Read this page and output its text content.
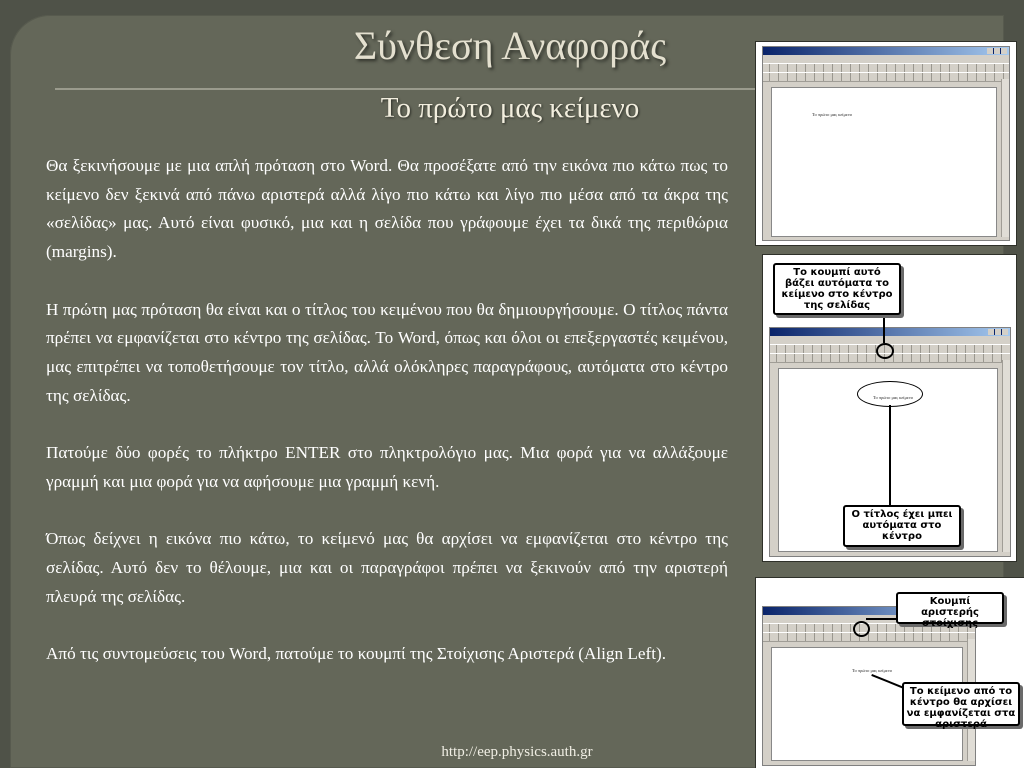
Σύνθεση Αναφοράς
Το πρώτο μας κείμενο

Θα ξεκινήσουμε με μια απλή πρόταση στο Word. Θα προσέξατε από την εικόνα πιο κάτω πως το κείμενο δεν ξεκινά από πάνω αριστερά αλλά λίγο πιο κάτω και λίγο πιο μέσα από τα άκρα της «σελίδας» μας. Αυτό είναι φυσικό, μια και η σελίδα που γράφουμε έχει τα δικά της περιθώρια (margins).

Η πρώτη μας πρόταση θα είναι και ο τίτλος του κειμένου που θα δημιουργήσουμε. Ο τίτλος πάντα πρέπει να εμφανίζεται στο κέντρο της σελίδας. Το Word, όπως και όλοι οι επεξεργαστές κειμένου, μας επιτρέπει να τοποθετήσουμε τον τίτλο, αλλά ολόκληρες παραγράφους, αυτόματα στο κέντρο της σελίδας.

Πατούμε δύο φορές το πλήκτρο ENTER στο πληκτρολόγιο μας. Μια φορά για να αλλάξουμε γραμμή και μια φορά για να αφήσουμε μια γραμμή κενή.

Όπως δείχνει η εικόνα πιο κάτω, το κείμενό μας θα αρχίσει να εμφανίζεται στο κέντρο της σελίδας. Αυτό δεν το θέλουμε, μια και οι παραγράφοι πρέπει να ξεκινούν από την αριστερή πλευρά της σελίδας.

Από τις συντομεύσεις του Word, πατούμε το κουμπί της Στοίχισης Αριστερά (Align Left).

http://eep.physics.auth.gr
Το πρώτο μας κείμενο
Το πρώτο μας κείμενο
Το κουμπί αυτό βάζει αυτόματα το κείμενο στο κέντρο της σελίδας
Ο τίτλος έχει μπει αυτόματα στο κέντρο
Το πρώτο μας κείμενο
Κουμπί αριστερής στοίχισης
Το κείμενο από το κέντρο θα αρχίσει να εμφανίζεται στα αριστερά
